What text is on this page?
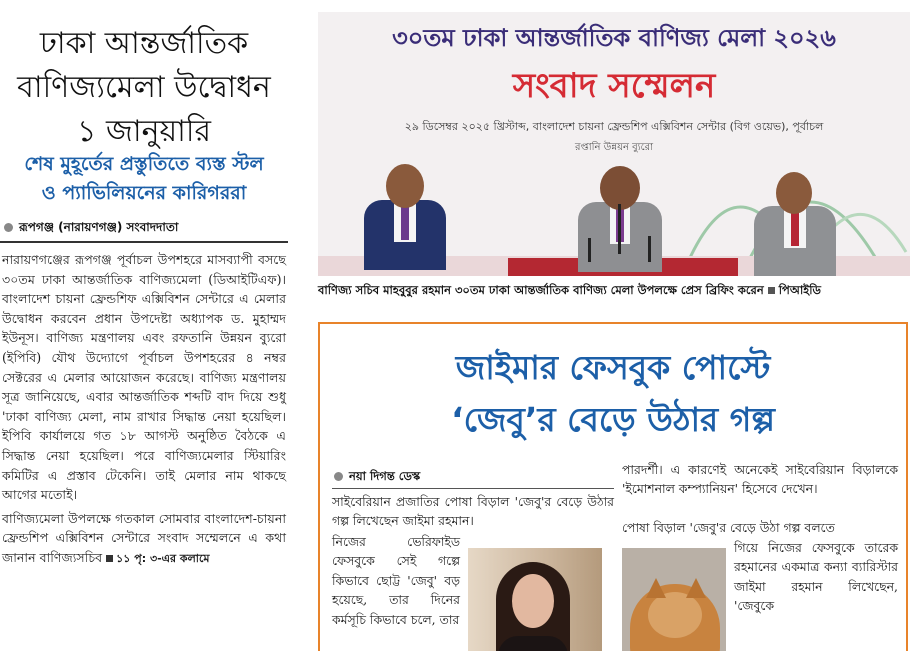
ঢাকা আন্তর্জাতিক
বাণিজ্যমেলা উদ্বোধন
১ জানুয়ারি
শেষ মুহূর্তের প্রস্তুতিতে ব্যস্ত স্টল
ও প্যাভিলিয়নের কারিগররা
রূপগঞ্জ (নারায়ণগঞ্জ) সংবাদদাতা

নারায়ণগঞ্জের রূপগঞ্জ পূর্বাচল উপশহরে মাসব্যাপী বসছে ৩০তম ঢাকা আন্তর্জাতিক বাণিজ্যমেলা (ডিআইটিএফ)। বাংলাদেশ চায়না ফ্রেন্ডশিফ এক্সিবিশন সেন্টারে এ মেলার উদ্বোধন করবেন প্রধান উপদেষ্টা অধ্যাপক ড. মুহাম্মদ ইউনূস। বাণিজ্য মন্ত্রণালয় এবং রফতানি উন্নয়ন ব্যুরো (ইপিবি) যৌথ উদ্যোগে পূর্বাচল উপশহরের ৪ নম্বর সেক্টরের এ মেলার আয়োজন করেছে। বাণিজ্য মন্ত্রণালয় সূত্র জানিয়েছে, এবার আন্তর্জাতিক শব্দটি বাদ দিয়ে শুধু 'ঢাকা বাণিজ্য মেলা, নাম রাখার সিদ্ধান্ত নেয়া হয়েছিল। ইপিবি কার্যালয়ে গত ১৮ আগস্ট অনুষ্ঠিত বৈঠকে এ সিদ্ধান্ত নেয়া হয়েছিল। পরে বাণিজ্যমেলার স্টিয়ারিং কমিটির এ প্রস্তাব টেকেনি। তাই মেলার নাম থাকছে আগের মতোই।

বাণিজ্যমেলা উপলক্ষে গতকাল সোমবার বাংলাদেশ-চায়না ফ্রেন্ডশিপ এক্সিবিশন সেন্টারে সংবাদ সম্মেলনে এ কথা জানান বাণিজ্যসচিব ১১ পৃ: ৩-এর কলামে

৩০তম ঢাকা আন্তর্জাতিক বাণিজ্য মেলা ২০২৬
সংবাদ সম্মেলন
২৯ ডিসেম্বর ২০২৫ খ্রিস্টাব্দ, বাংলাদেশ চায়না ফ্রেন্ডশিপ এক্সিবিশন সেন্টার (বিগ ওয়েভ), পূর্বাচল
রপ্তানি উন্নয়ন ব্যুরো
বাণিজ্য সচিব মাহবুবুর রহমান ৩০তম ঢাকা আন্তর্জাতিক বাণিজ্য মেলা উপলক্ষে প্রেস ব্রিফিং করেন পিআইডি
জাইমার ফেসবুক পোস্টে
‘জেবু’র বেড়ে উঠার গল্প
নয়া দিগন্ত ডেস্ক
সাইবেরিয়ান প্রজাতির পোষা বিড়াল 'জেবু'র বেড়ে উঠার গল্প লিখেছেন জাইমা রহমান।
নিজের ভেরিফাইড ফেসবুকে সেই গল্পে কিভাবে ছোট্ট 'জেবু' বড় হয়েছে, তার দিনের কর্মসূচি কিভাবে চলে, তার
পারদর্শী। এ কারণেই অনেকেই সাইবেরিয়ান বিড়ালকে 'ইমোশনাল কম্প্যানিয়ন' হিসেবে দেখেন।
পোষা বিড়াল 'জেবু'র বেড়ে উঠা গল্প বলতে
গিয়ে নিজের ফেসবুকে তারেক রহমানের একমাত্র কন্যা ব্যারিস্টার জাইমা রহমান লিখেছেন, 'জেবুকে
